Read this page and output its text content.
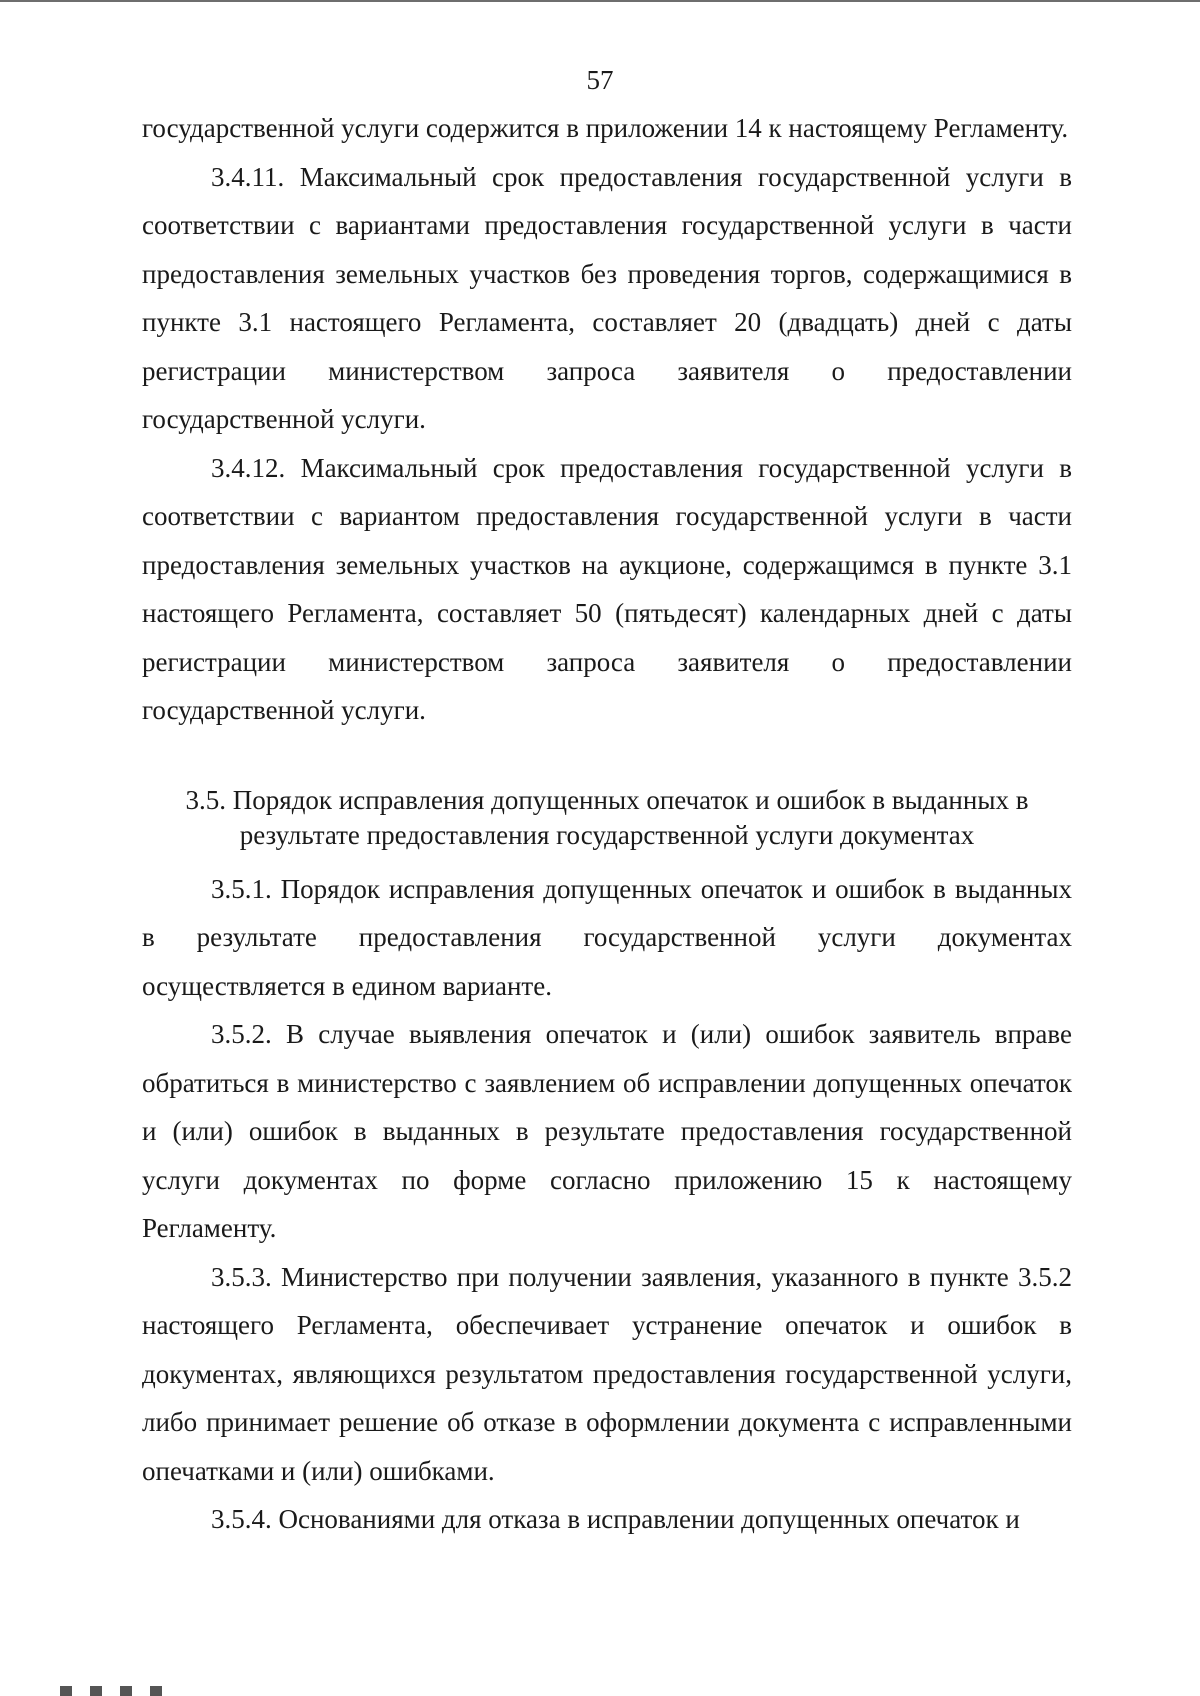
57

государственной услуги содержится в приложении 14 к настоящему Регламенту.

3.4.11. Максимальный срок предоставления государственной услуги в соответствии с вариантами предоставления государственной услуги в части предоставления земельных участков без проведения торгов, содержащимися в пункте 3.1 настоящего Регламента, составляет 20 (двадцать) дней с даты регистрации министерством запроса заявителя о предоставлении государственной услуги.

3.4.12. Максимальный срок предоставления государственной услуги в соответствии с вариантом предоставления государственной услуги в части предоставления земельных участков на аукционе, содержащимся в пункте 3.1 настоящего Регламента, составляет 50 (пятьдесят) календарных дней с даты регистрации министерством запроса заявителя о предоставлении государственной услуги.

3.5. Порядок исправления допущенных опечаток и ошибок в выданных в
результате предоставления государственной услуги документах

3.5.1. Порядок исправления допущенных опечаток и ошибок в выданных в результате предоставления государственной услуги документах осуществляется в едином варианте.

3.5.2. В случае выявления опечаток и (или) ошибок заявитель вправе обратиться в министерство с заявлением об исправлении допущенных опечаток и (или) ошибок в выданных в результате предоставления государственной услуги документах по форме согласно приложению 15 к настоящему Регламенту.

3.5.3. Министерство при получении заявления, указанного в пункте 3.5.2 настоящего Регламента, обеспечивает устранение опечаток и ошибок в документах, являющихся результатом предоставления государственной услуги, либо принимает решение об отказе в оформлении документа с исправленными опечатками и (или) ошибками.

3.5.4. Основаниями для отказа в исправлении допущенных опечаток и
